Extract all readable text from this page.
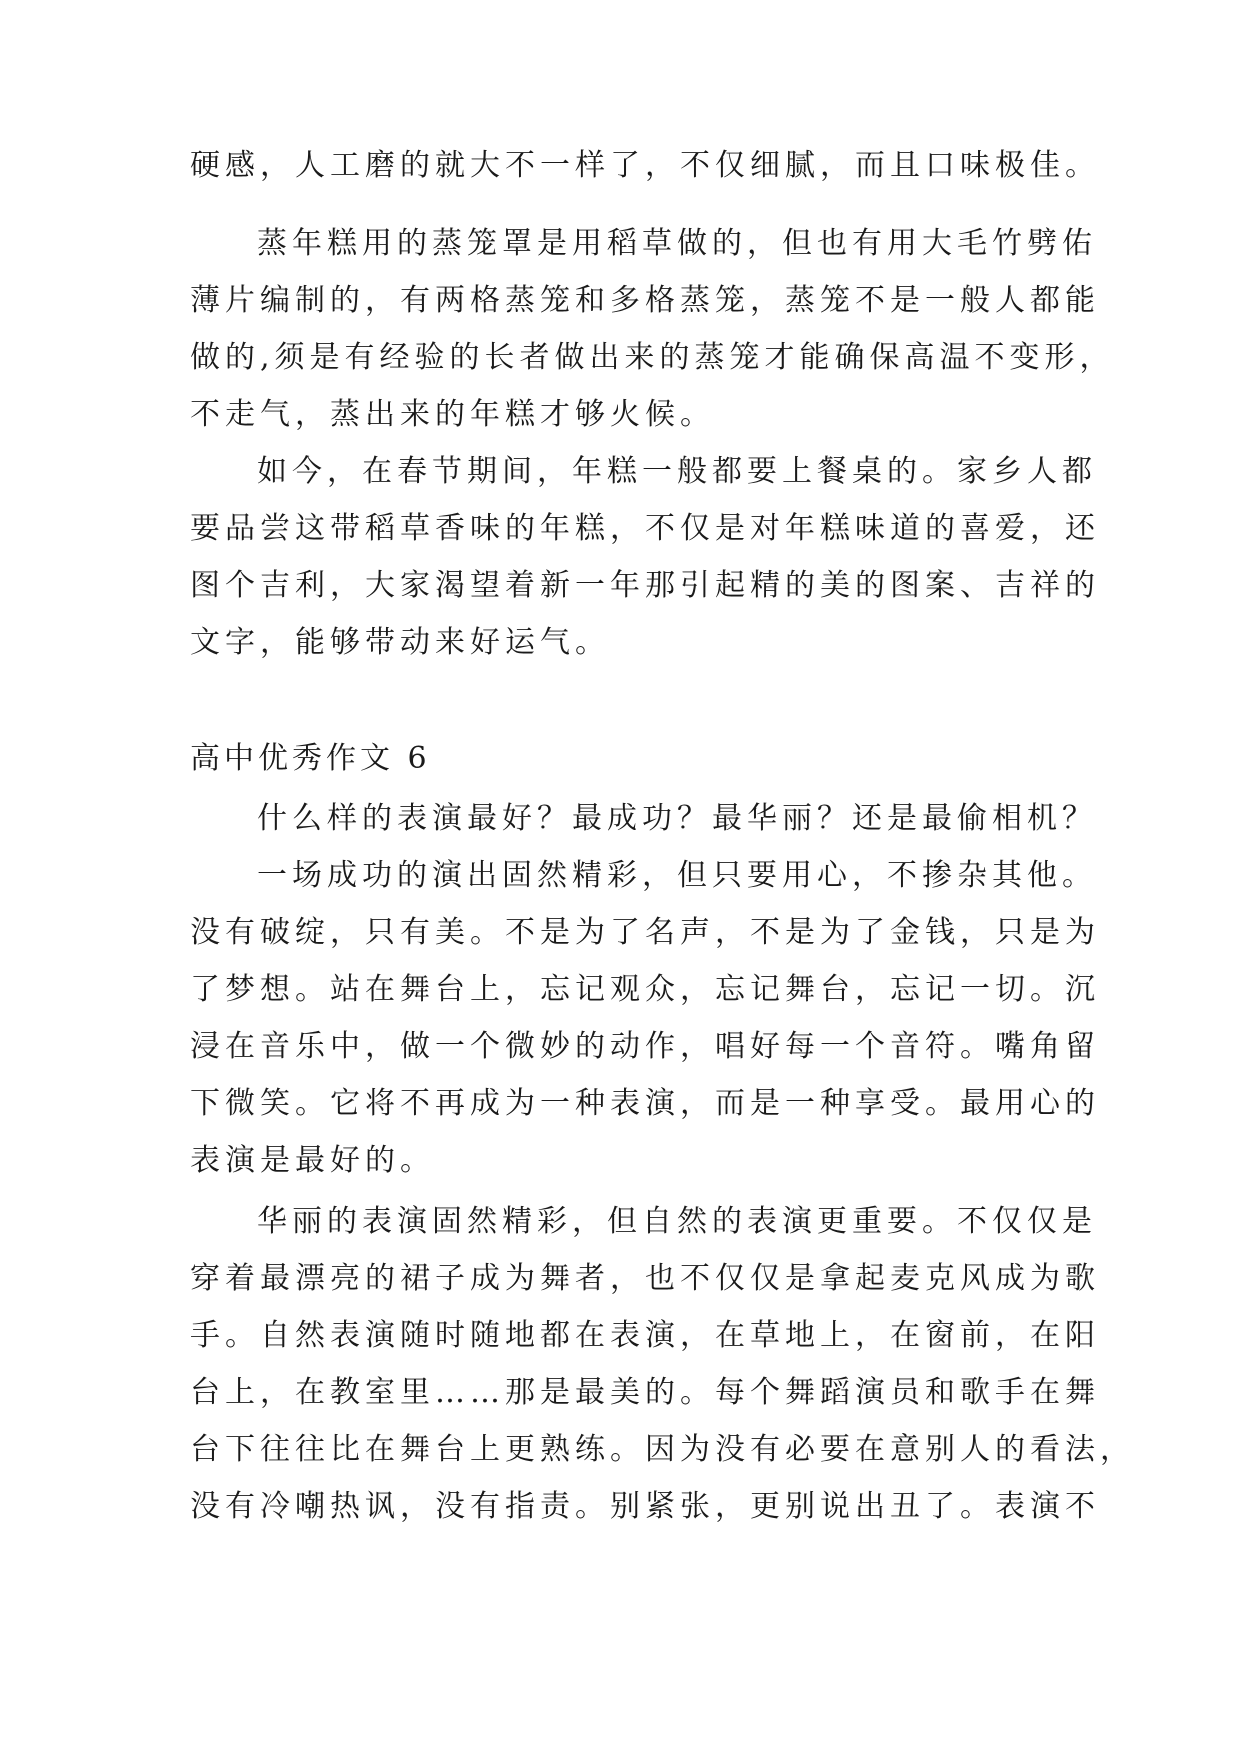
硬感，人工磨的就大不一样了，不仅细腻，而且口味极佳。
蒸年糕用的蒸笼罩是用稻草做的，但也有用大毛竹劈佑
薄片编制的，有两格蒸笼和多格蒸笼，蒸笼不是一般人都能
做的,须是有经验的长者做出来的蒸笼才能确保高温不变形，
不走气，蒸出来的年糕才够火候。
如今，在春节期间，年糕一般都要上餐桌的。家乡人都
要品尝这带稻草香味的年糕，不仅是对年糕味道的喜爱，还
图个吉利，大家渴望着新一年那引起精的美的图案、吉祥的
文字，能够带动来好运气。
高中优秀作文 6
什么样的表演最好？最成功？最华丽？还是最偷相机？
一场成功的演出固然精彩，但只要用心，不掺杂其他。
没有破绽，只有美。不是为了名声，不是为了金钱，只是为
了梦想。站在舞台上，忘记观众，忘记舞台，忘记一切。沉
浸在音乐中，做一个微妙的动作，唱好每一个音符。嘴角留
下微笑。它将不再成为一种表演，而是一种享受。最用心的
表演是最好的。
华丽的表演固然精彩，但自然的表演更重要。不仅仅是
穿着最漂亮的裙子成为舞者，也不仅仅是拿起麦克风成为歌
手。自然表演随时随地都在表演，在草地上，在窗前，在阳
台上，在教室里……那是最美的。每个舞蹈演员和歌手在舞
台下往往比在舞台上更熟练。因为没有必要在意别人的看法，
没有冷嘲热讽，没有指责。别紧张，更别说出丑了。表演不
